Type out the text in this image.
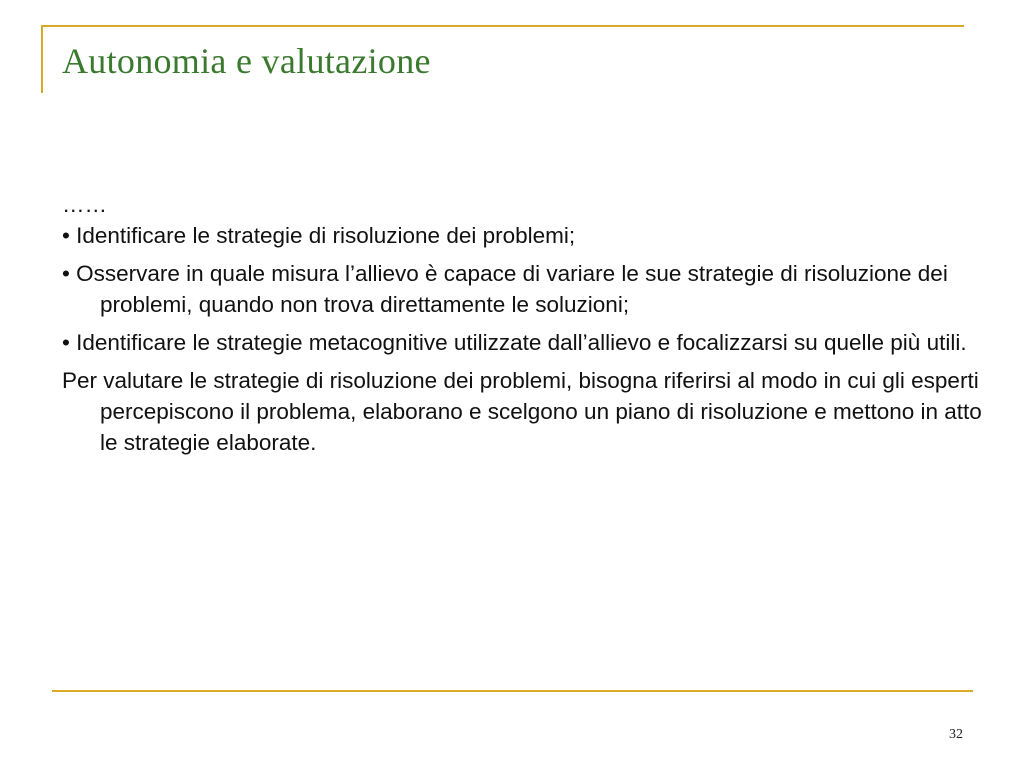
Autonomia e valutazione

……

• Identificare le strategie di risoluzione dei problemi;

• Osservare in quale misura l’allievo è capace di variare le sue strategie di risoluzione dei problemi, quando non trova direttamente le soluzioni;

• Identificare le strategie metacognitive utilizzate dall’allievo e focalizzarsi su quelle più utili.

Per valutare le strategie di risoluzione dei problemi, bisogna riferirsi al modo in cui gli esperti percepiscono il problema, elaborano e scelgono un piano di risoluzione e mettono in atto le strategie elaborate.

32
